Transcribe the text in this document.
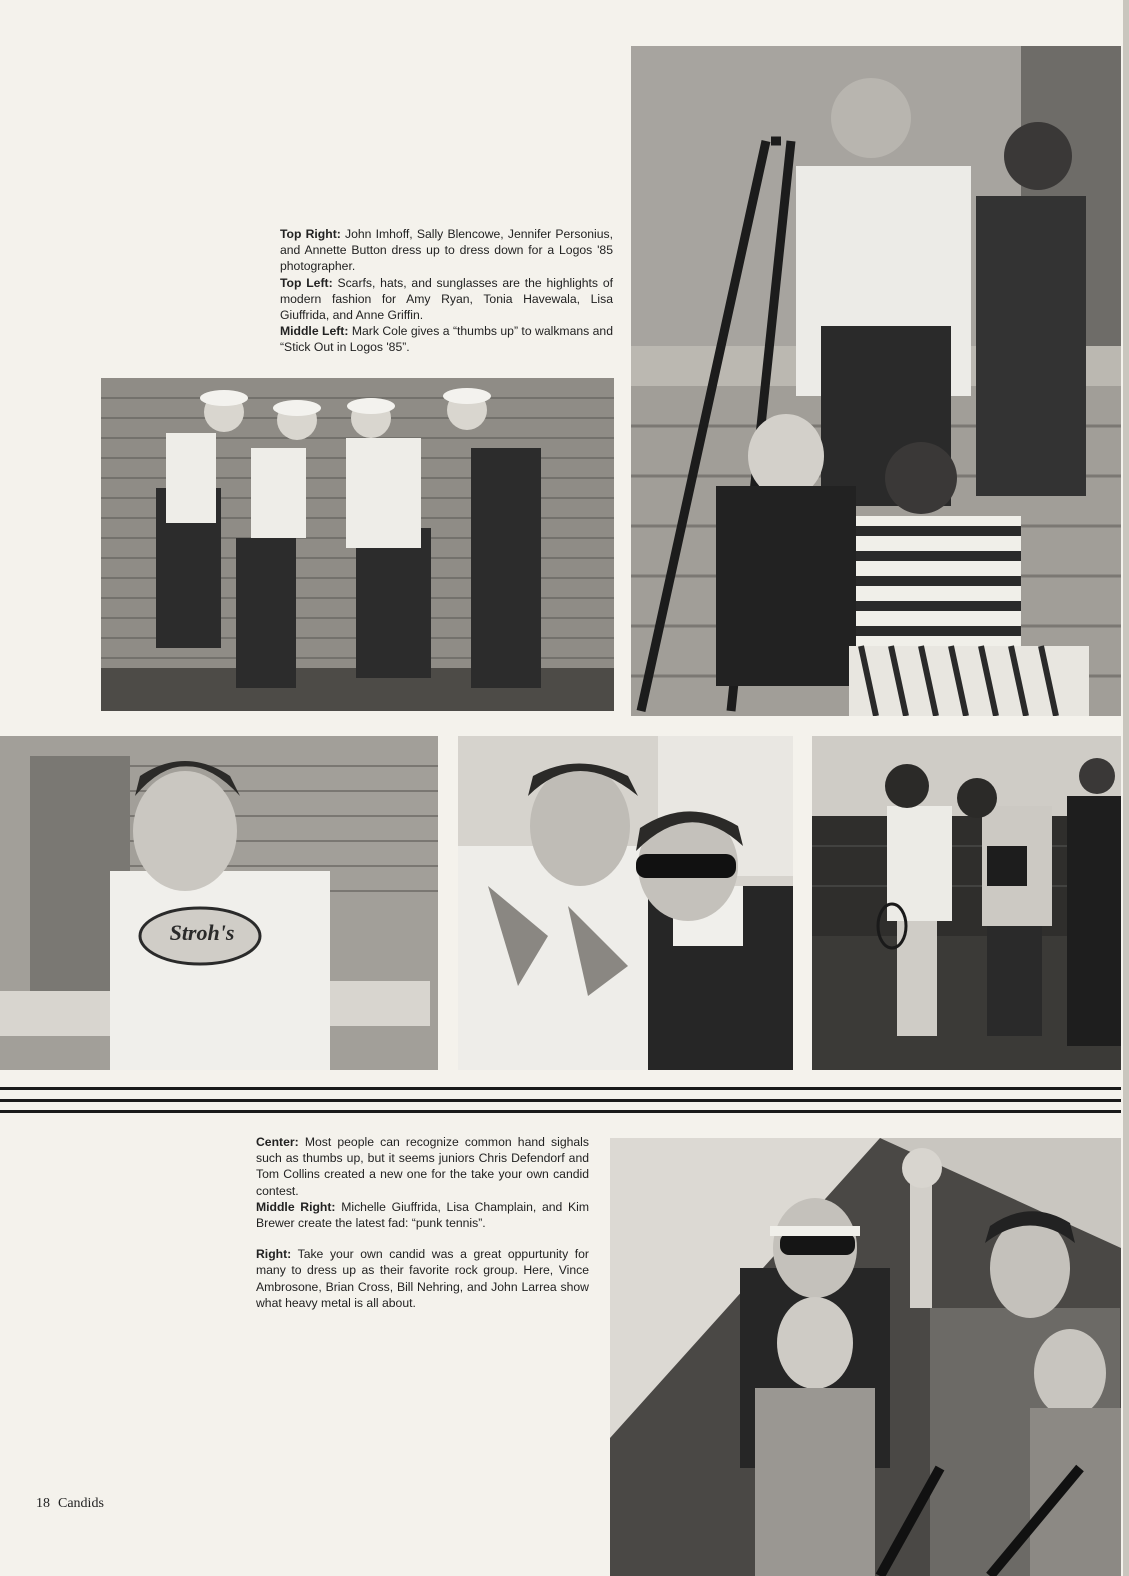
Top Right: John Imhoff, Sally Blencowe, Jennifer Personius, and Annette Button dress up to dress down for a Logos '85 photographer.

Top Left: Scarfs, hats, and sunglasses are the highlights of modern fashion for Amy Ryan, Tonia Havewala, Lisa Giuffrida, and Anne Griffin.

Middle Left: Mark Cole gives a “thumbs up” to walkmans and “Stick Out in Logos '85”.

Stroh's

Center: Most people can recognize common hand sighals such as thumbs up, but it seems juniors Chris Defendorf and Tom Collins created a new one for the take your own candid contest.

Middle Right: Michelle Giuffrida, Lisa Champlain, and Kim Brewer create the latest fad: “punk tennis”.

Right: Take your own candid was a great oppurtunity for many to dress up as their favorite rock group. Here, Vince Ambrosone, Brian Cross, Bill Nehring, and John Larrea show what heavy metal is all about.

18 Candids
